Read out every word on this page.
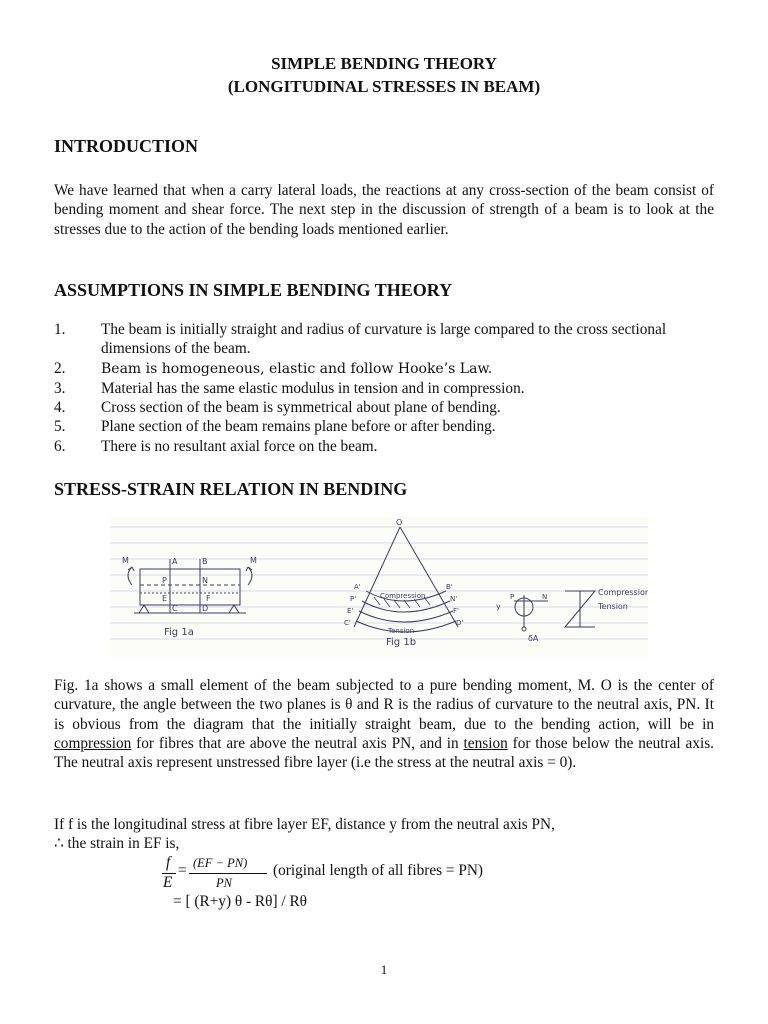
SIMPLE BENDING THEORY
(LONGITUDINAL STRESSES IN BEAM)
INTRODUCTION
We have learned that when a carry lateral loads, the reactions at any cross-section of the beam consist of bending moment and shear force. The next step in the discussion of strength of a beam is to look at the stresses due to the action of the bending loads mentioned earlier.
ASSUMPTIONS IN SIMPLE BENDING THEORY
1. The beam is initially straight and radius of curvature is large compared to the cross sectional dimensions of the beam.
2.	Beam is homogeneous, elastic and follow Hooke’s Law.
3. Material has the same elastic modulus in tension and in compression.
4. Cross section of the beam is symmetrical about plane of bending.
5. Plane section of the beam remains plane before or after bending.
6. There is no resultant axial force on the beam.
STRESS-STRAIN RELATION IN BENDING
M	M
A	B
P	N
E	F
C	D
Fig 1a
O
A'	B'
P'	N'
E'	F'
C'	D'
Compression
Tension
Fig 1b
y
P	N
δA
Compression
Tension
Fig. 1a shows a small element of the beam subjected to a pure bending moment, M. O is the center of curvature, the angle between the two planes is θ and R is the radius of curvature to the neutral axis, PN. It is obvious from the diagram that the initially straight beam, due to the bending action, will be in compression for fibres that are above the neutral axis PN, and in tension for those below the neutral axis. The neutral axis represent unstressed fibre layer (i.e the stress at the neutral axis = 0).
If f is the longitudinal stress at fibre layer EF, distance y from the neutral axis PN,
∴ the strain in EF is,
f
E
= (EF − PN)
PN
(original length of all fibres = PN)
= [ (R+y) θ - Rθ] / Rθ
1
